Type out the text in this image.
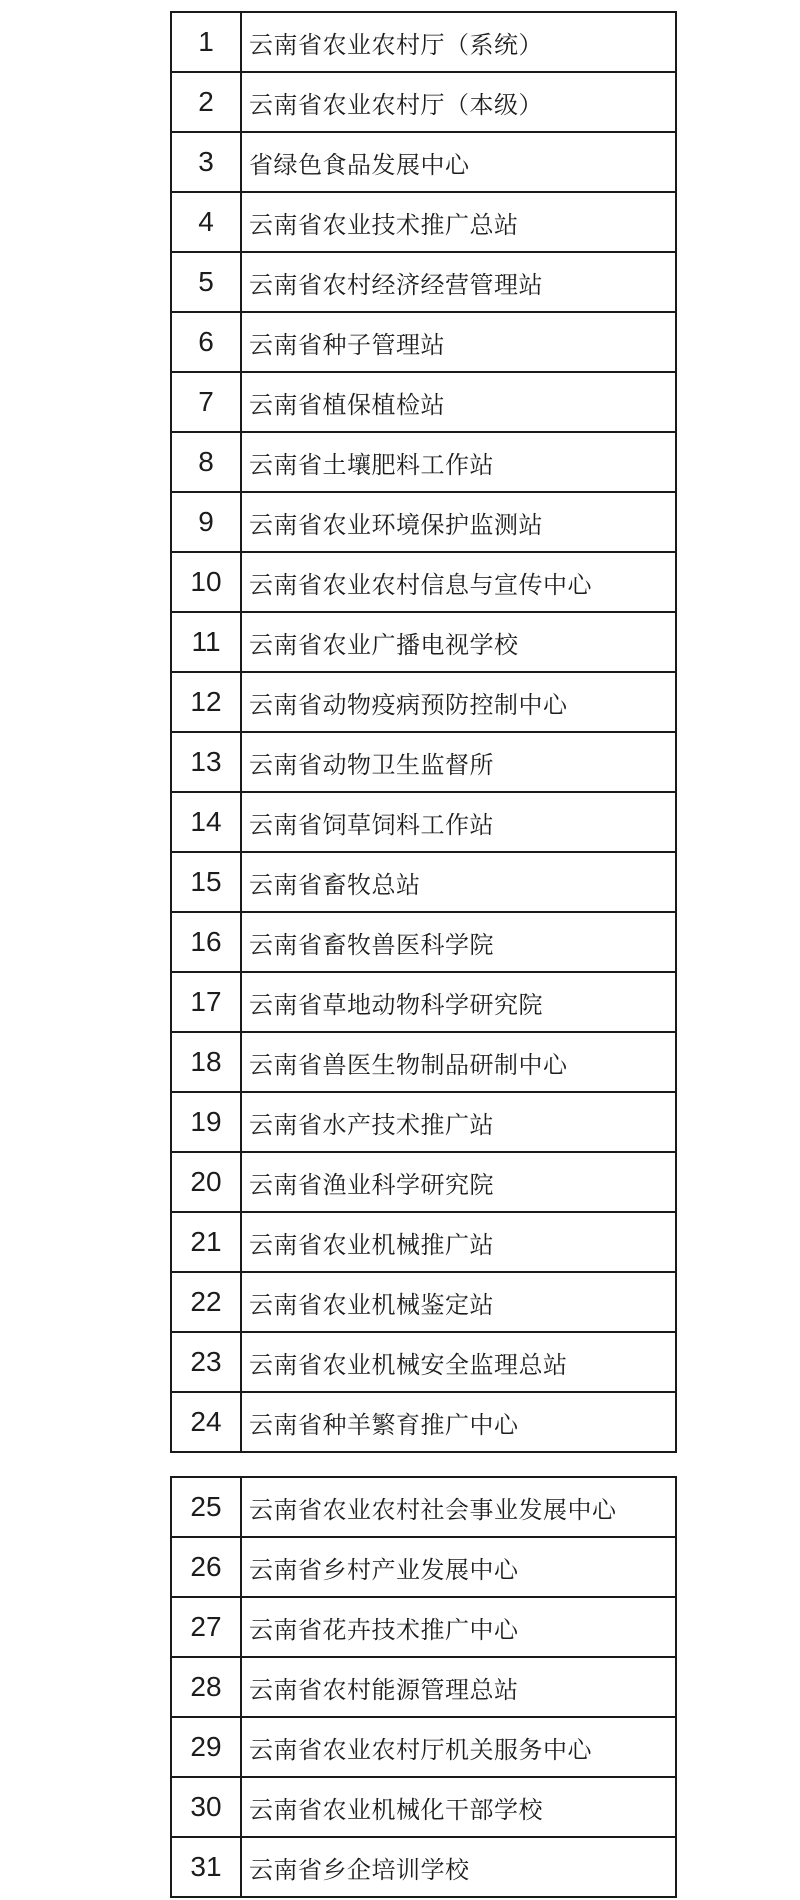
1	云南省农业农村厅（系统）
2	云南省农业农村厅（本级）
3	省绿色食品发展中心
4	云南省农业技术推广总站
5	云南省农村经济经营管理站
6	云南省种子管理站
7	云南省植保植检站
8	云南省土壤肥料工作站
9	云南省农业环境保护监测站
10	云南省农业农村信息与宣传中心
11	云南省农业广播电视学校
12	云南省动物疫病预防控制中心
13	云南省动物卫生监督所
14	云南省饲草饲料工作站
15	云南省畜牧总站
16	云南省畜牧兽医科学院
17	云南省草地动物科学研究院
18	云南省兽医生物制品研制中心
19	云南省水产技术推广站
20	云南省渔业科学研究院
21	云南省农业机械推广站
22	云南省农业机械鉴定站
23	云南省农业机械安全监理总站
24	云南省种羊繁育推广中心
25	云南省农业农村社会事业发展中心
26	云南省乡村产业发展中心
27	云南省花卉技术推广中心
28	云南省农村能源管理总站
29	云南省农业农村厅机关服务中心
30	云南省农业机械化干部学校
31	云南省乡企培训学校
